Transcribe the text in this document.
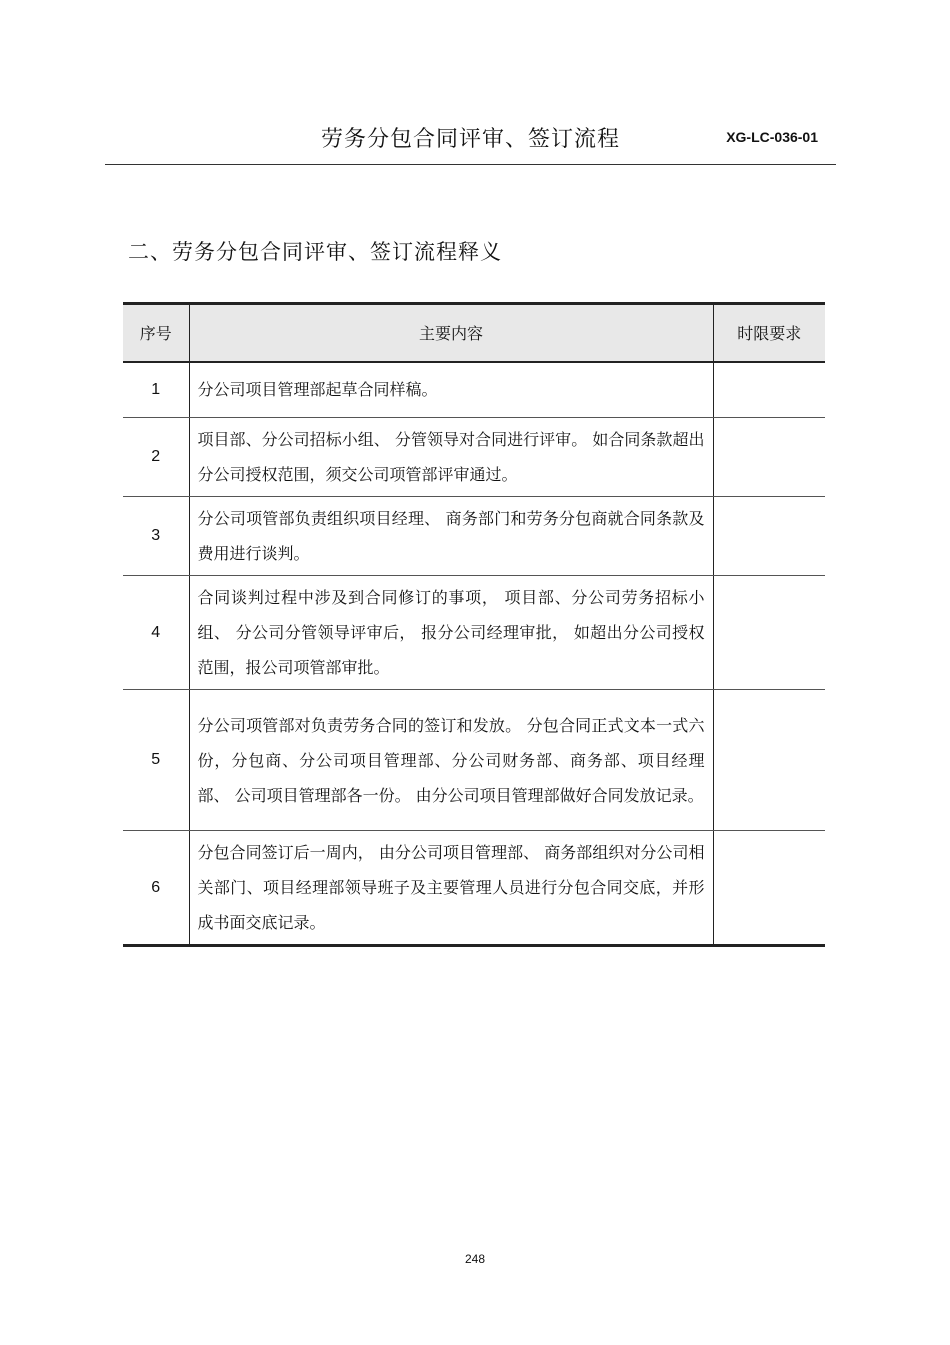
劳务分包合同评审、签订流程	XG-LC-036-01
二、劳务分包合同评审、签订流程释义
序号	主要内容	时限要求
1	分公司项目管理部起草合同样稿。	
2	项目部、分公司招标小组、 分管领导对合同进行评审。 如合同条款超出分公司授权范围，须交公司项管部评审通过。	
3	分公司项管部负责组织项目经理、 商务部门和劳务分包商就合同条款及费用进行谈判。	
4	合同谈判过程中涉及到合同修订的事项， 项目部、分公司劳务招标小组、 分公司分管领导评审后， 报分公司经理审批， 如超出分公司授权范围，报公司项管部审批。	
5	分公司项管部对负责劳务合同的签订和发放。 分包合同正式文本一式六份，分包商、分公司项目管理部、分公司财务部、商务部、项目经理部、 公司项目管理部各一份。 由分公司项目管理部做好合同发放记录。	
6	分包合同签订后一周内， 由分公司项目管理部、 商务部组织对分公司相关部门、项目经理部领导班子及主要管理人员进行分包合同交底，并形成书面交底记录。	
248
